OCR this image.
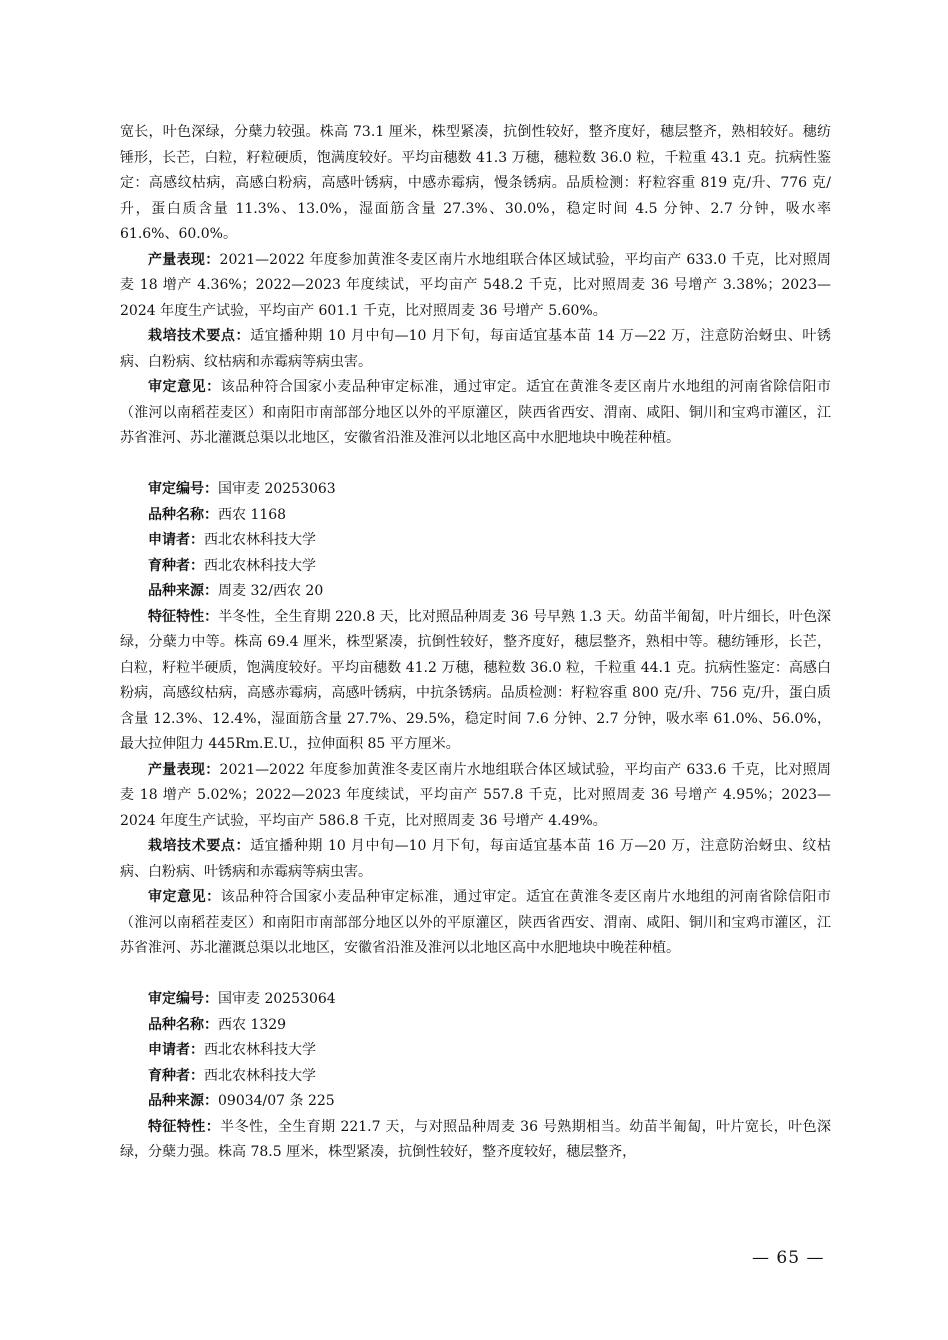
宽长，叶色深绿，分蘖力较强。株高 73.1 厘米，株型紧凑，抗倒性较好，整齐度好，穗层整齐，熟相较好。穗纺锤形，长芒，白粒，籽粒硬质，饱满度较好。平均亩穗数 41.3 万穗，穗粒数 36.0 粒，千粒重 43.1 克。抗病性鉴定：高感纹枯病，高感白粉病，高感叶锈病，中感赤霉病，慢条锈病。品质检测：籽粒容重 819 克/升、776 克/升，蛋白质含量 11.3%、13.0%，湿面筋含量 27.3%、30.0%，稳定时间 4.5 分钟、2.7 分钟，吸水率 61.6%、60.0%。

产量表现：2021—2022 年度参加黄淮冬麦区南片水地组联合体区域试验，平均亩产 633.0 千克，比对照周麦 18 增产 4.36%；2022—2023 年度续试，平均亩产 548.2 千克，比对照周麦 36 号增产 3.38%；2023—2024 年度生产试验，平均亩产 601.1 千克，比对照周麦 36 号增产 5.60%。

栽培技术要点：适宜播种期 10 月中旬—10 月下旬，每亩适宜基本苗 14 万—22 万，注意防治蚜虫、叶锈病、白粉病、纹枯病和赤霉病等病虫害。

审定意见：该品种符合国家小麦品种审定标准，通过审定。适宜在黄淮冬麦区南片水地组的河南省除信阳市（淮河以南稻茬麦区）和南阳市南部部分地区以外的平原灌区，陕西省西安、渭南、咸阳、铜川和宝鸡市灌区，江苏省淮河、苏北灌溉总渠以北地区，安徽省沿淮及淮河以北地区高中水肥地块中晚茬种植。

审定编号：国审麦 20253063

品种名称：西农 1168

申请者：西北农林科技大学

育种者：西北农林科技大学

品种来源：周麦 32/西农 20

特征特性：半冬性，全生育期 220.8 天，比对照品种周麦 36 号早熟 1.3 天。幼苗半匍匐，叶片细长，叶色深绿，分蘖力中等。株高 69.4 厘米，株型紧凑，抗倒性较好，整齐度好，穗层整齐，熟相中等。穗纺锤形，长芒，白粒，籽粒半硬质，饱满度较好。平均亩穗数 41.2 万穗，穗粒数 36.0 粒，千粒重 44.1 克。抗病性鉴定：高感白粉病，高感纹枯病，高感赤霉病，高感叶锈病，中抗条锈病。品质检测：籽粒容重 800 克/升、756 克/升，蛋白质含量 12.3%、12.4%，湿面筋含量 27.7%、29.5%，稳定时间 7.6 分钟、2.7 分钟，吸水率 61.0%、56.0%，最大拉伸阻力 445Rm.E.U.，拉伸面积 85 平方厘米。

产量表现：2021—2022 年度参加黄淮冬麦区南片水地组联合体区域试验，平均亩产 633.6 千克，比对照周麦 18 增产 5.02%；2022—2023 年度续试，平均亩产 557.8 千克，比对照周麦 36 号增产 4.95%；2023—2024 年度生产试验，平均亩产 586.8 千克，比对照周麦 36 号增产 4.49%。

栽培技术要点：适宜播种期 10 月中旬—10 月下旬，每亩适宜基本苗 16 万—20 万，注意防治蚜虫、纹枯病、白粉病、叶锈病和赤霉病等病虫害。

审定意见：该品种符合国家小麦品种审定标准，通过审定。适宜在黄淮冬麦区南片水地组的河南省除信阳市（淮河以南稻茬麦区）和南阳市南部部分地区以外的平原灌区，陕西省西安、渭南、咸阳、铜川和宝鸡市灌区，江苏省淮河、苏北灌溉总渠以北地区，安徽省沿淮及淮河以北地区高中水肥地块中晚茬种植。

审定编号：国审麦 20253064

品种名称：西农 1329

申请者：西北农林科技大学

育种者：西北农林科技大学

品种来源：09034/07 条 225

特征特性：半冬性，全生育期 221.7 天，与对照品种周麦 36 号熟期相当。幼苗半匍匐，叶片宽长，叶色深绿，分蘖力强。株高 78.5 厘米，株型紧凑，抗倒性较好，整齐度较好，穗层整齐，

— 65 —
